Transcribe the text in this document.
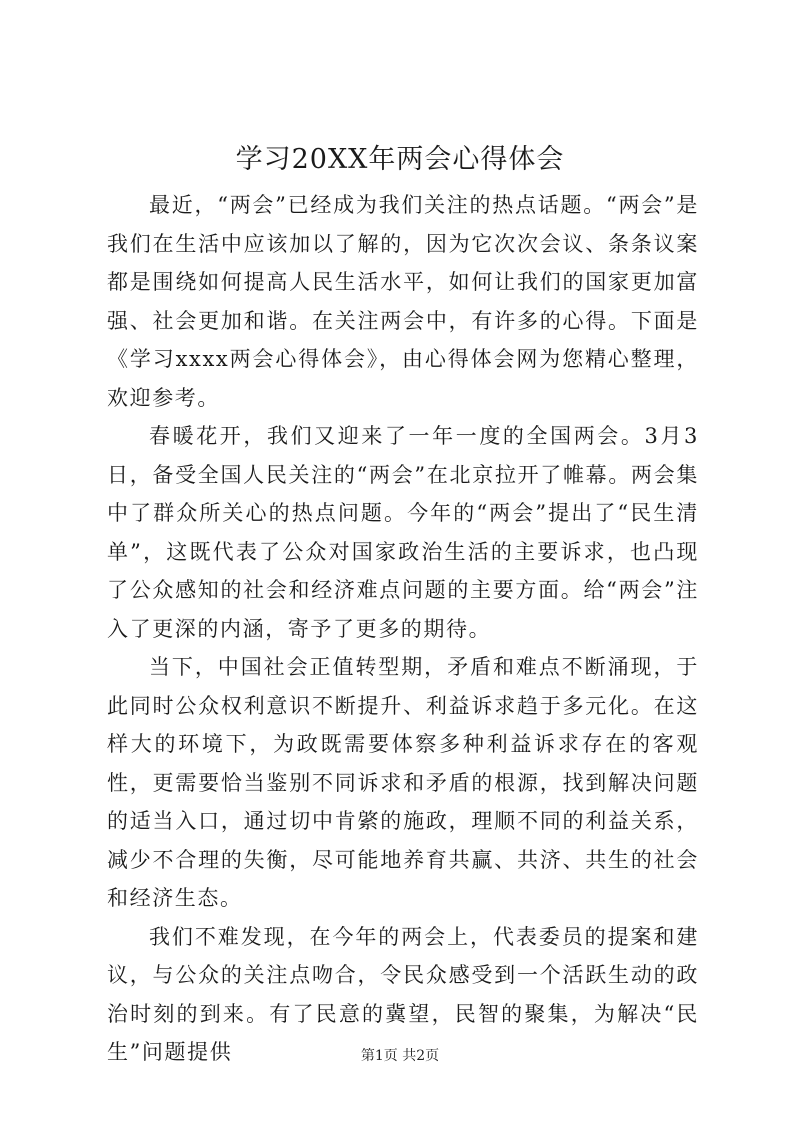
学习20XX年两会心得体会

最近，“两会”已经成为我们关注的热点话题。“两会”是我们在生活中应该加以了解的，因为它次次会议、条条议案都是围绕如何提高人民生活水平，如何让我们的国家更加富强、社会更加和谐。在关注两会中，有许多的心得。下面是《学习xxxx两会心得体会》，由心得体会网为您精心整理，欢迎参考。

春暖花开，我们又迎来了一年一度的全国两会。3月3日，备受全国人民关注的“两会”在北京拉开了帷幕。两会集中了群众所关心的热点问题。今年的“两会”提出了“民生清单”，这既代表了公众对国家政治生活的主要诉求，也凸现了公众感知的社会和经济难点问题的主要方面。给“两会”注入了更深的内涵，寄予了更多的期待。

当下，中国社会正值转型期，矛盾和难点不断涌现，于此同时公众权利意识不断提升、利益诉求趋于多元化。在这样大的环境下，为政既需要体察多种利益诉求存在的客观性，更需要恰当鉴别不同诉求和矛盾的根源，找到解决问题的适当入口，通过切中肯綮的施政，理顺不同的利益关系，减少不合理的失衡，尽可能地养育共赢、共济、共生的社会和经济生态。

我们不难发现，在今年的两会上，代表委员的提案和建议，与公众的关注点吻合，令民众感受到一个活跃生动的政治时刻的到来。有了民意的冀望，民智的聚集，为解决“民生”问题提供	第1页 共2页
